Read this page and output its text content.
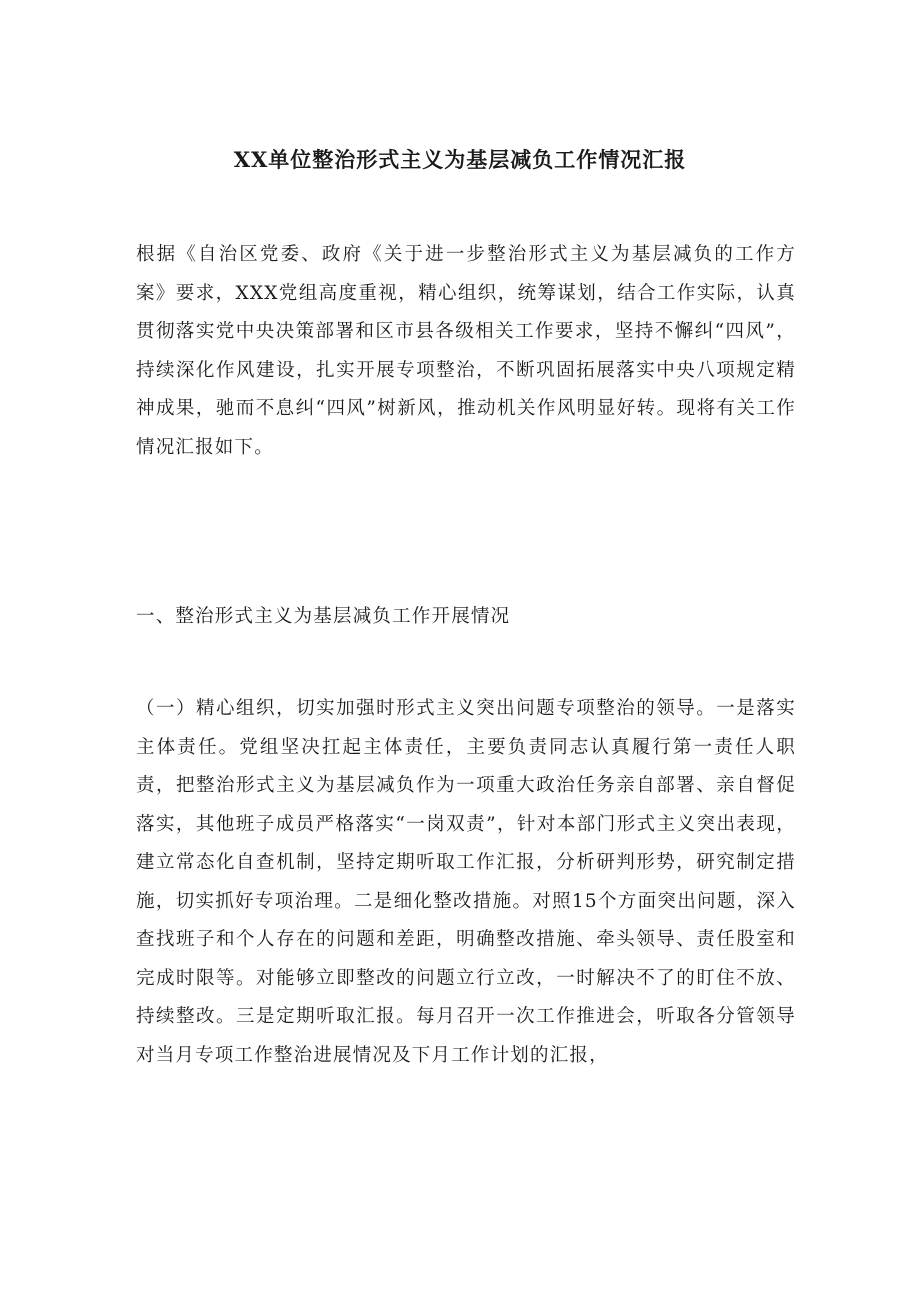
XX单位整治形式主义为基层减负工作情况汇报

根据《自治区党委、政府《关于进一步整治形式主义为基层减负的工作方案》要求，XXX党组高度重视，精心组织，统筹谋划，结合工作实际，认真贯彻落实党中央决策部署和区市县各级相关工作要求，坚持不懈纠“四风”，持续深化作风建设，扎实开展专项整治，不断巩固拓展落实中央八项规定精神成果，驰而不息纠“四风”树新风，推动机关作风明显好转。现将有关工作情况汇报如下。

一、整治形式主义为基层减负工作开展情况

（一）精心组织，切实加强时形式主义突出问题专项整治的领导。一是落实主体责任。党组坚决扛起主体责任，主要负责同志认真履行第一责任人职责，把整治形式主义为基层减负作为一项重大政治任务亲自部署、亲自督促落实，其他班子成员严格落实“一岗双责”，针对本部门形式主义突出表现，建立常态化自查机制，坚持定期听取工作汇报，分析研判形势，研究制定措施，切实抓好专项治理。二是细化整改措施。对照15个方面突出问题，深入查找班子和个人存在的问题和差距，明确整改措施、牵头领导、责任股室和完成时限等。对能够立即整改的问题立行立改，一时解决不了的盯住不放、持续整改。三是定期听取汇报。每月召开一次工作推进会，听取各分管领导对当月专项工作整治进展情况及下月工作计划的汇报，
